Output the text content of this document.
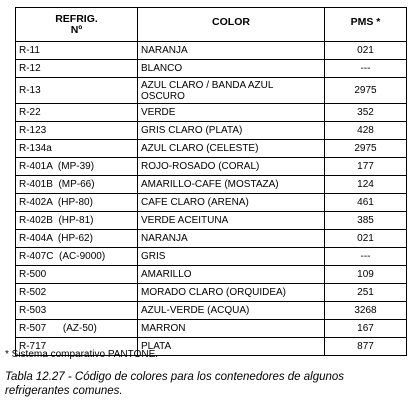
REFRIG.
Nº	COLOR	PMS *
R-11	NARANJA	021
R-12	BLANCO	---
R-13	AZUL CLARO / BANDA AZUL
OSCURO	2975
R-22	VERDE	352
R-123	GRIS CLARO (PLATA)	428
R-134a	AZUL CLARO (CELESTE)	2975
R-401A  (MP-39)	ROJO-ROSADO (CORAL)	177
R-401B  (MP-66)	AMARILLO-CAFE (MOSTAZA)	124
R-402A  (HP-80)	CAFE CLARO (ARENA)	461
R-402B  (HP-81)	VERDE ACEITUNA	385
R-404A  (HP-62)	NARANJA	021
R-407C  (AC-9000)	GRIS	---
R-500	AMARILLO	109
R-502	MORADO CLARO (ORQUIDEA)	251
R-503	AZUL-VERDE (ACQUA)	3268
R-507      (AZ-50)	MARRON	167
R-717	PLATA	877
* Sistema comparativo PANTONE.
Tabla 12.27 - Código de colores para los contenedores de algunos refrigerantes comunes.
